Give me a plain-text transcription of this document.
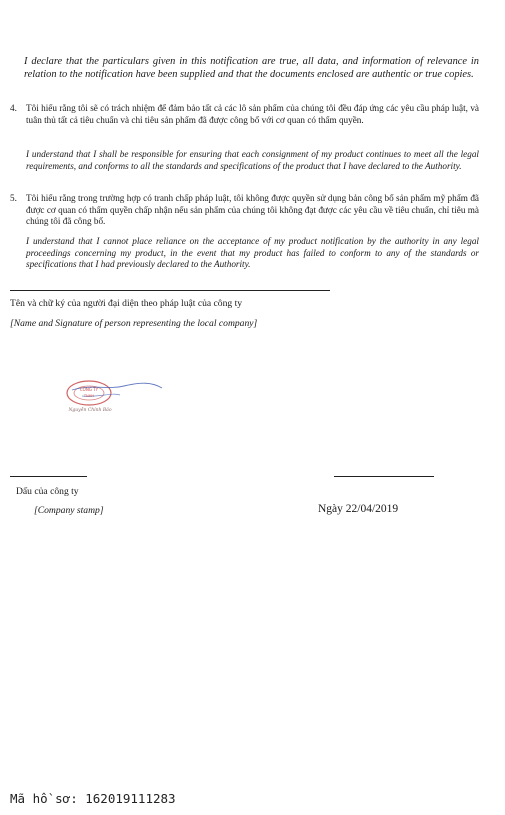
I declare that the particulars given in this notification are true, all data, and information of relevance in relation to the notification have been supplied and that the documents enclosed are authentic or true copies.
4. Tôi hiểu rằng tôi sẽ có trách nhiệm để đảm bảo tất cả các lô sản phẩm của chúng tôi đều đáp ứng các yêu cầu pháp luật, và tuân thủ tất cả tiêu chuẩn và chỉ tiêu sản phẩm đã được công bố với cơ quan có thẩm quyền.
I understand that I shall be responsible for ensuring that each consignment of my product continues to meet all the legal requirements, and conforms to all the standards and specifications of the product that I have declared to the Authority.
5. Tôi hiểu rằng trong trường hợp có tranh chấp pháp luật, tôi không được quyền sử dụng bản công bố sản phẩm mỹ phẩm đã được cơ quan có thẩm quyền chấp nhận nếu sản phẩm của chúng tôi không đạt được các yêu cầu về tiêu chuẩn, chỉ tiêu mà chúng tôi đã công bố.
I understand that I cannot place reliance on the acceptance of my product notification by the authority in any legal proceedings concerning my product, in the event that my product has failed to conform to any of the standards or specifications that I had previously declared to the Authority.
Tên và chữ ký của người đại diện theo pháp luật của công ty
[Name and Signature of person representing the local company]
CÔNG TY
TNHH
Nguyễn Chính Bảo
Dấu của công ty
[Company stamp]	Ngày 22/04/2019
Mã hồ sơ: 162019111283
